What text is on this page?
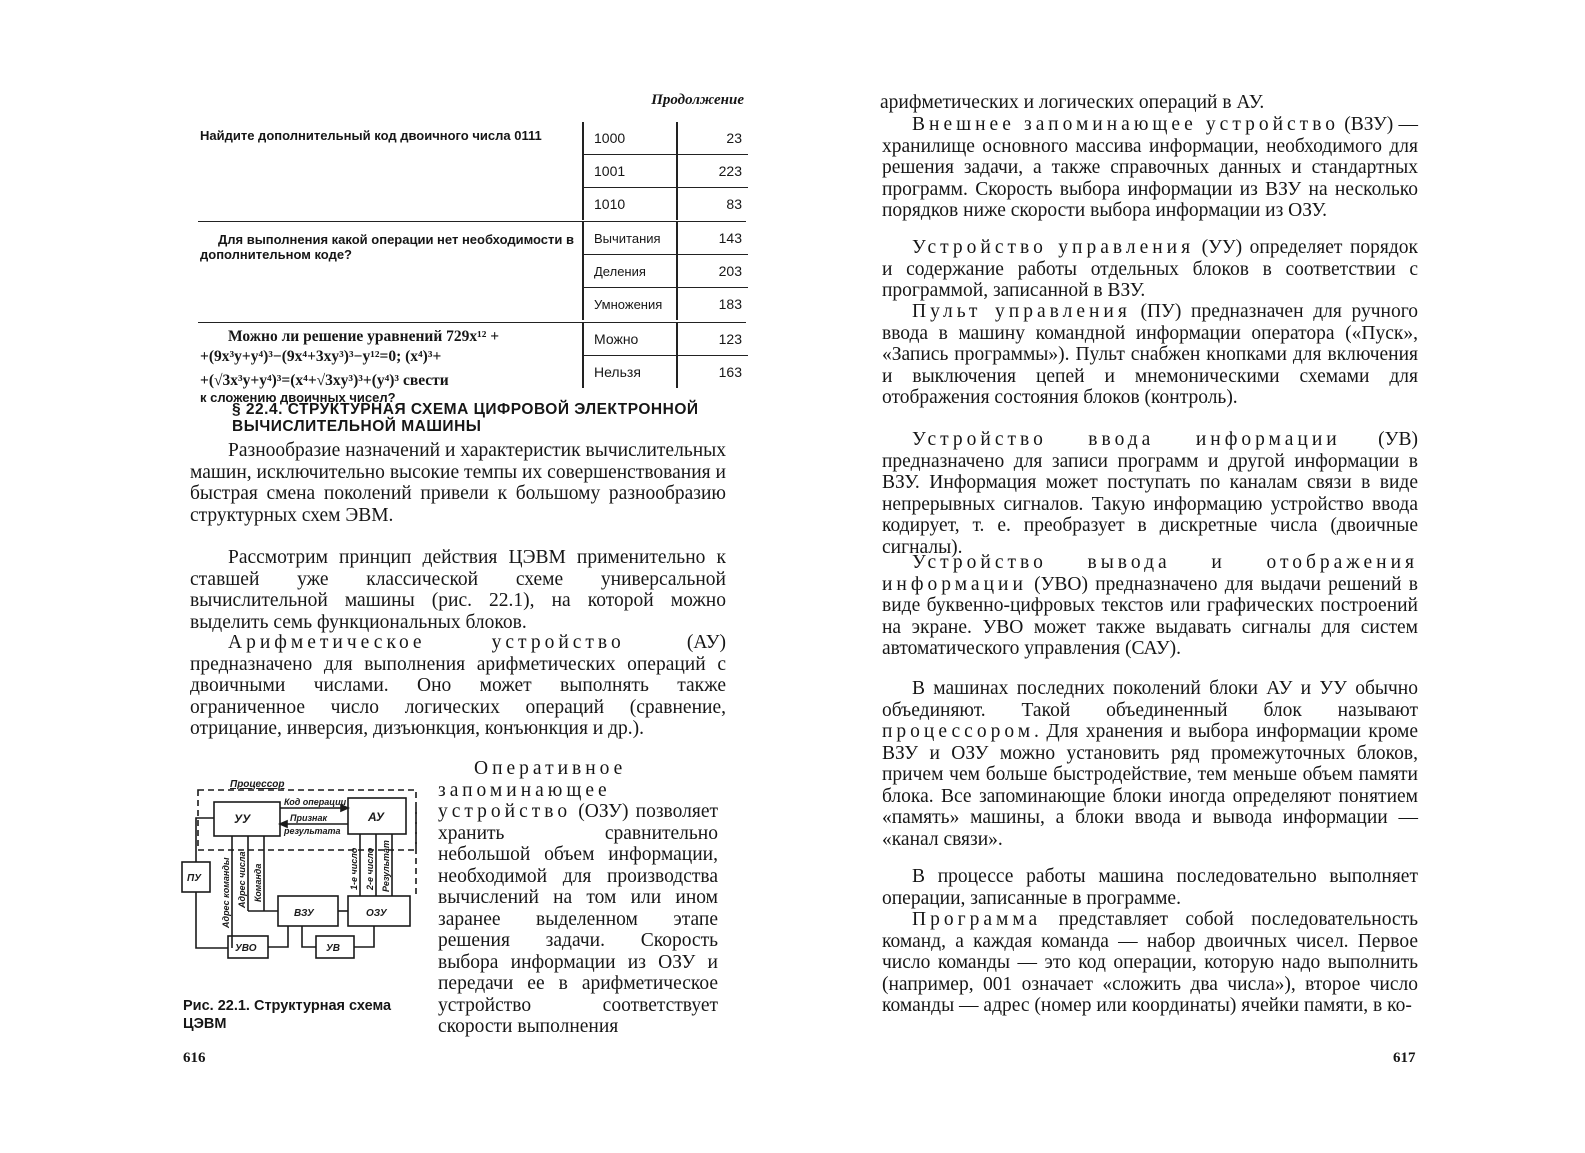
Продолжение
Найдите дополнительный код двоичного числа 0111	1000	23
1001	223
1010	83
Для выполнения какой операции нет необходимости в дополнительном коде?
Вычитания	143
Деления	203
Умножения	183
Можно ли решение уравнений 729x¹² +
+(9x³y+y⁴)³−(9x⁴+3xy³)³−y¹²=0; (x⁴)³+
+(√3x³y+y⁴)³=(x⁴+√3xy³)³+(y⁴)³ свести
к сложению двоичных чисел?
Можно	123
Нельзя	163
§ 22.4. СТРУКТУРНАЯ СХЕМА ЦИФРОВОЙ ЭЛЕКТРОННОЙ ВЫЧИСЛИТЕЛЬНОЙ МАШИНЫ

Разнообразие назначений и характеристик вычислительных машин, исключительно высокие темпы их совершенствования и быстрая смена поколений привели к большому разнообразию структурных схем ЭВМ.

Рассмотрим принцип действия ЦЭВМ применительно к ставшей уже классической схеме универсальной вычислительной машины (рис. 22.1), на которой можно выделить семь функциональных блоков.

Арифметическое устройство (АУ) предназначено для выполнения арифметических операций с двоичными числами. Оно может выполнять также ограниченное число логических операций (сравнение, отрицание, инверсия, дизъюнкция, конъюнкция и др.).

Оперативное запоминающее устройство (ОЗУ) позволяет хранить сравнительно небольшой объем информации, необходимой для производства вычислений на том или ином заранее выделенном этапе решения задачи. Скорость выбора информации из ОЗУ и передачи ее в арифметическое устройство соответствует скорости выполнения

Процессор
УУ	АУ
Код операции
Признак
результата
ПУ
ВЗУ	ОЗУ
Адрес команды Адрес числа Команда	1-е число 2-е число Результат
УВО	УВ
Рис. 22.1. Структурная схема ЦЭВМ
616

арифметических и логических операций в АУ.

Внешнее запоминающее устройство (ВЗУ) — хранилище основного массива информации, необходимого для решения задачи, а также справочных данных и стандартных программ. Скорость выбора информации из ВЗУ на несколько порядков ниже скорости выбора информации из ОЗУ.

Устройство управления (УУ) определяет порядок и содержание работы отдельных блоков в соответствии с программой, записанной в ВЗУ.

Пульт управления (ПУ) предназначен для ручного ввода в машину командной информации оператора («Пуск», «Запись программы»). Пульт снабжен кнопками для включения и выключения цепей и мнемоническими схемами для отображения состояния блоков (контроль).

Устройство ввода информации (УВ) предназначено для записи программ и другой информации в ВЗУ. Информация может поступать по каналам связи в виде непрерывных сигналов. Такую информацию устройство ввода кодирует, т. е. преобразует в дискретные числа (двоичные сигналы).

Устройство вывода и отображения информации (УВО) предназначено для выдачи решений в виде буквенно-цифровых текстов или графических построений на экране. УВО может также выдавать сигналы для систем автоматического управления (САУ).

В машинах последних поколений блоки АУ и УУ обычно объединяют. Такой объединенный блок называют процессором. Для хранения и выбора информации кроме ВЗУ и ОЗУ можно установить ряд промежуточных блоков, причем чем больше быстродействие, тем меньше объем памяти блока. Все запоминающие блоки иногда определяют понятием «память» машины, а блоки ввода и вывода информации — «канал связи».

В процессе работы машина последовательно выполняет операции, записанные в программе.

Программа представляет собой последовательность команд, а каждая команда — набор двоичных чисел. Первое число команды — это код операции, которую надо выполнить (например, 001 означает «сложить два числа»), второе число команды — адрес (номер или координаты) ячейки памяти, в ко-

617
